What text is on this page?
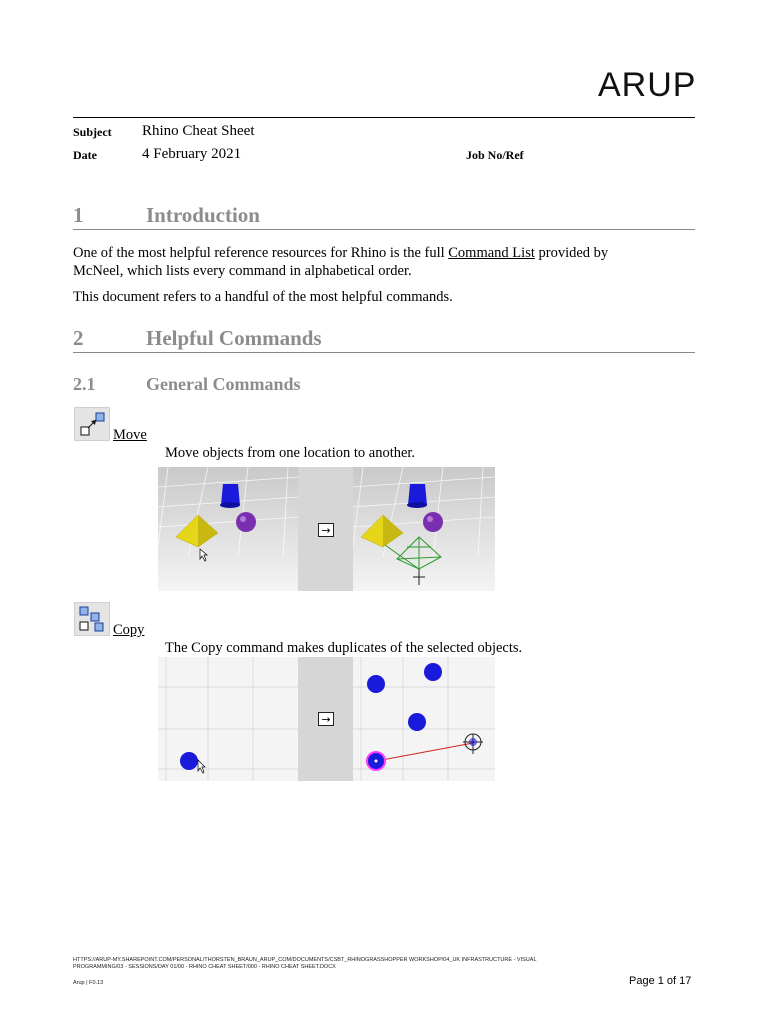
ARUP
Subject Rhino Cheat Sheet
Date	4 February 2021	Job No/Ref
1	Introduction
One of the most helpful reference resources for Rhino is the full Command List provided by
McNeel, which lists every command in alphabetical order.
This document refers to a handful of the most helpful commands.
2	Helpful Commands
2.1	General Commands
Move
Move objects from one location to another.
→
Copy
The Copy command makes duplicates of the selected objects.
→
HTTPS://ARUP-MY.SHAREPOINT.COM/PERSONAL/THORSTEN_BRAUN_ARUP_COM/DOCUMENTS/CSBT_RHINOGRASSHOPPER WORKSHOP/04_UK INFRASTRUCTURE - VISUAL
PROGRAMMING/03 - SESSIONS/DAY 01/00 - RHINO CHEAT SHEET/000 - RHINO CHEAT SHEET.DOCX
Arup | F0.13	Page 1 of 17
